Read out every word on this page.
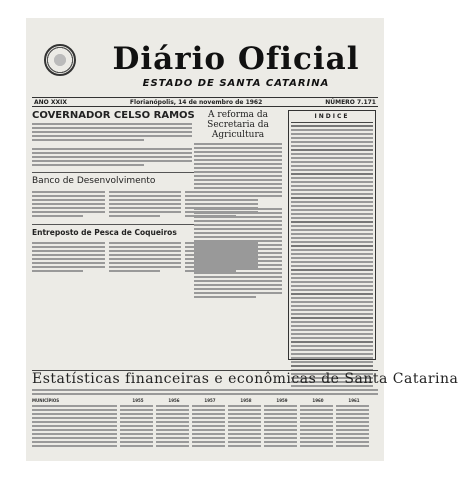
Diário Oficial
ESTADO DE SANTA CATARINA
ANO XXIX	Florianópolis, 14 de novembro de 1962	NÚMERO 7.171
COVERNADOR CELSO RAMOS
Banco de Desenvolvimento
Entreposto de Pesca de Coqueiros
A reforma da Secretaria da Agricultura
INDICE
Estatísticas financeiras e econômicas de Santa Catarina
MUNICÍPIOS	1955	1956	1957	1958	1959	1960	1961
